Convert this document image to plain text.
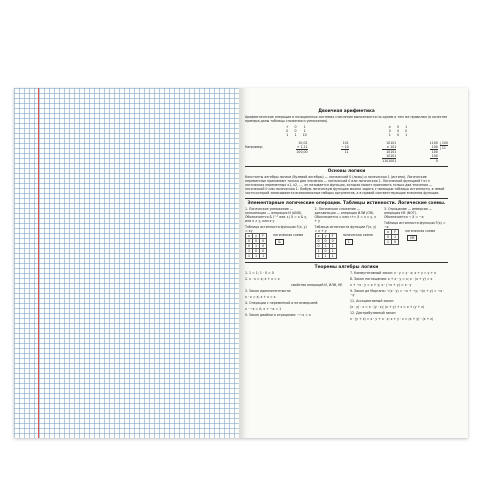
Двоичная арифметика
Арифметические операции в позиционных системах счисления выполняются по одним и тем же правилам (в качестве примера даны таблицы сложения и умножения).
+	0	1
0	0	1
1	1	10
×	0	1
0	0	0
1	0	1
Например:
10,01
+ 1,11
100,00
101
− 10
11
10101
× 101
10101
10101
1101001
1100
100
100
100
0
| 100
| 11
Основы логики
Константы алгебры логики (булевой алгебры) — логический 0 (ложь) и логическая 1 (истина). Логические переменные принимают только два значения — логический 0 или логическая 1. Логической функцией f от n логических переменных x1, x2, …, xn называется функция, которая может принимать только два значения — логический 0 или логическая 1. Любую логическую функцию можно задать с помощью таблицы истинности, в левой части которой записываются всевозможные наборы аргументов, а в правой соответствующие значения функции.
Элементарные логические операции. Таблицы истинности. Логические схемы.
1. Логическое умножение — конъюнкция — операция И (AND).
Обозначается & ("·" или ∧) X = x & y, или x ∧ y, или x·y
Таблица истинности функции F(x, y) = xy
x	y	F
0	0	0
0	1	0
1	0	0
1	1	1
логическая схема
&
2. Логическое сложение — дизъюнкция — операция ИЛИ (OR).
Обозначается ∨ или «+» X = x ∨ y, x + y
Таблица истинности функции F(x, y) = x + y
x	y	F
0	0	0
0	1	1
1	0	1
1	1	1
логическая схема
1
3. Отрицание — инверсия — операция НЕ (NOT).
Обозначается ¬ X = ¬x
Таблица истинности функции F(x) = ¬x
x	F
0	1
1	0
логическая схема
НЕ
Теоремы алгебры логики
1. 1 = 1; 1 · 0 = 0
2. x · x = x; x + x = x
свойства операций И, ИЛИ, НЕ
3. Закон идемпотентности:
x · x = x; x + x = x
4. Операции с переменной и ее инверсией:
x · ¬x = 0; x + ¬x = 1
5. Закон двойного отрицания: ¬¬x = x
7. Коммутативный закон: x · y = y · x; x + y = y + x
8. Закон поглощения: x + x · y = x; x · (x + y) = x
x + ¬x · y = x + y; x · (¬x + y) = x · y
9. Закон де Моргана: ¬(x · y) = ¬x + ¬y; ¬(x + y) = ¬x · ¬y
11. Ассоциативный закон:
(x · y) · z = x · (y · z); (x + y) + z = x + (y + z)
12. Дистрибутивный закон:
x · (y + z) = x · y + x · z; x + y · z = (x + y) · (x + z)
